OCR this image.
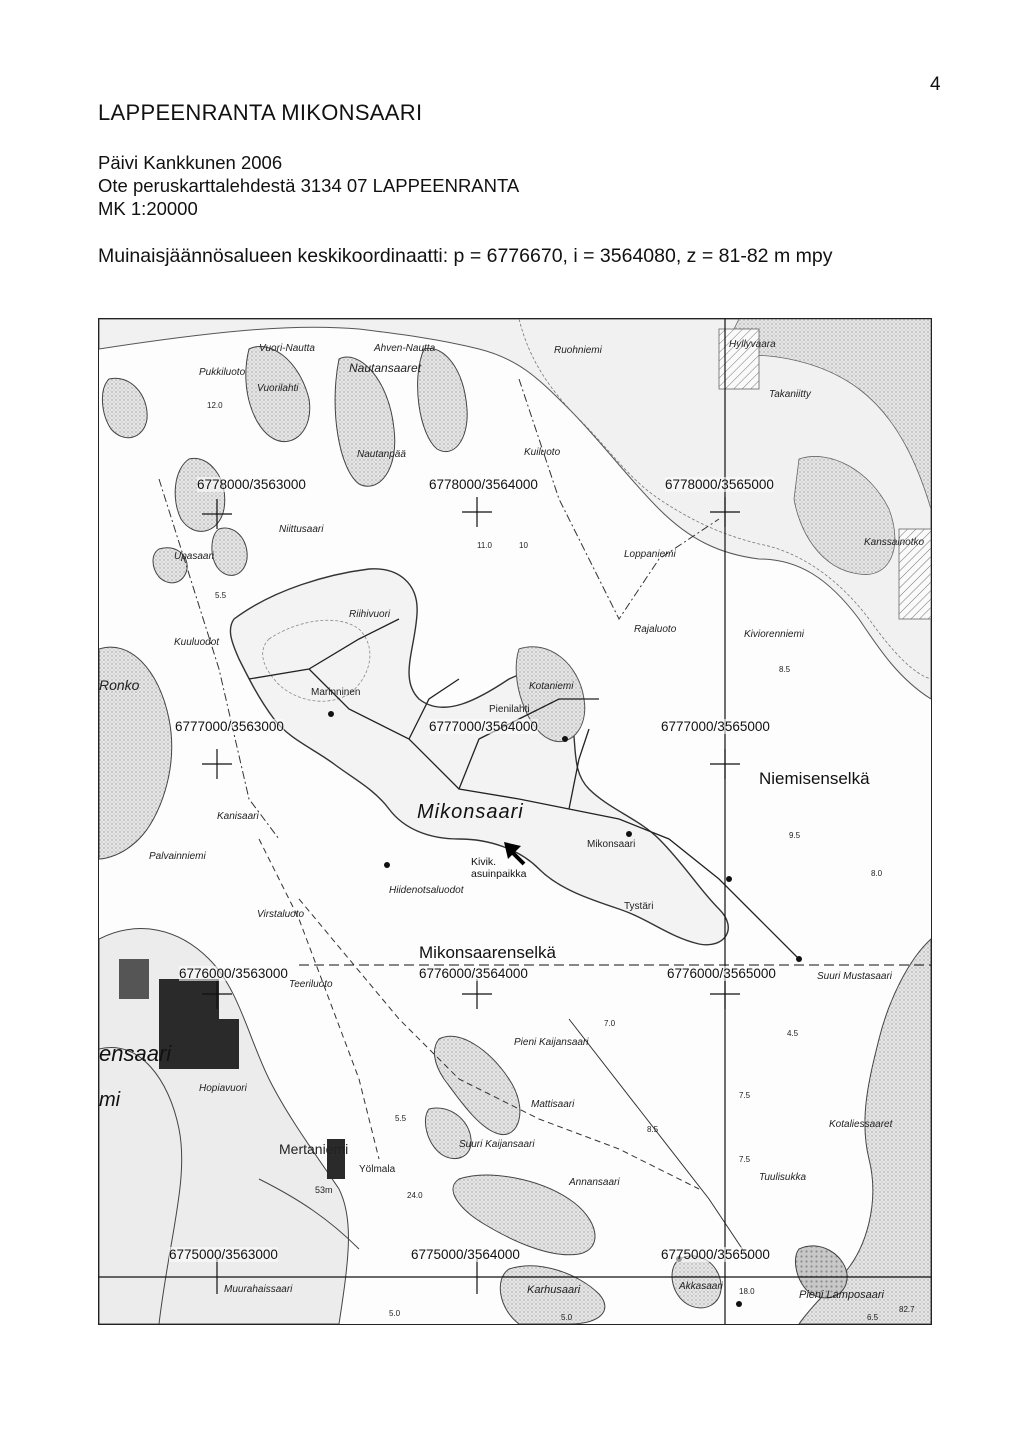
4
LAPPEENRANTA MIKONSAARI
Päivi Kankkunen 2006
Ote peruskarttalehdestä 3134 07 LAPPEENRANTA
MK 1:20000
Muinaisjäännösalueen keskikoordinaatti: p = 6776670, i = 3564080, z = 81-82 m mpy
6778000/3563000	6778000/3564000	6778000/3565000
6777000/3563000	6777000/3564000	6777000/3565000
6776000/3563000	6776000/3564000	6776000/3565000
6775000/3563000	6775000/3564000	6775000/3565000
Niemisenselkä
Mikonsaarenselkä
Mikonsaari
Kivik.
asuinpaikka
ensaari
mi
Vuori-Nautta	Ahven-Nautta
Nautansaaret
Pukkiluoto
Vuorilahti
Ruohniemi
Hyllyvaara
Takaniitty
Nautanpää	Kuiluoto
Niittusaari
Loppaniemi
Kanssainotko
Upasaari
Riihivuori
Rajaluoto	Kiviorenniemi
Kuuluodot
Ronko	Marinninen
Kotaniemi
Pienilahti
Kanisaari
Mikonsaari
Palvainniemi
Hiidenotsaluodot
Tystäri
Virstaluoto
Teeriluoto
Suuri Mustasaari
Pieni Kaijansaari
Hopiavuori
Mattisaari
Mertaniemi	Suuri Kaijansaari
Kotaliessaaret
Tuulisukka
Yölmala
Annansaari
Muurahaissaari	Karhusaari	Akkasaari
Pieni Lamposaari
12.0
11.0	10
5.5
8.5
9.5
8.0
7.0
4.5
7.5
8.5
5.5
24.0
53m
5.0	5.0
18.0
82.7
6.5
7.5
